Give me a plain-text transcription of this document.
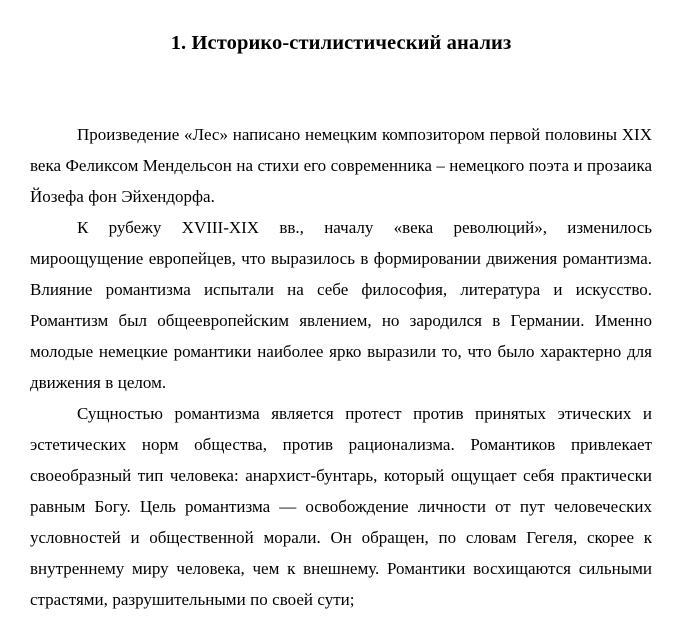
1. Историко-стилистический анализ

Произведение «Лес» написано немецким композитором первой половины XIX века Феликсом Мендельсон на стихи его современника – немецкого поэта и прозаика Йозефа фон Эйхендорфа.

К рубежу XVIII-XIX вв., началу «века революций», изменилось мироощущение европейцев, что выразилось в формировании движения романтизма. Влияние романтизма испытали на себе философия, литература и искусство. Романтизм был общеевропейским явлением, но зародился в Германии. Именно молодые немецкие романтики наиболее ярко выразили то, что было характерно для движения в целом.

Сущностью романтизма является протест против принятых этических и эстетических норм общества, против рационализма. Романтиков привлекает своеобразный тип человека: анархист-бунтарь, который ощущает себя практически равным Богу. Цель романтизма — освобождение личности от пут человеческих условностей и общественной морали. Он обращен, по словам Гегеля, скорее к внутреннему миру человека, чем к внешнему. Романтики восхищаются сильными страстями, разрушительными по своей сути;
